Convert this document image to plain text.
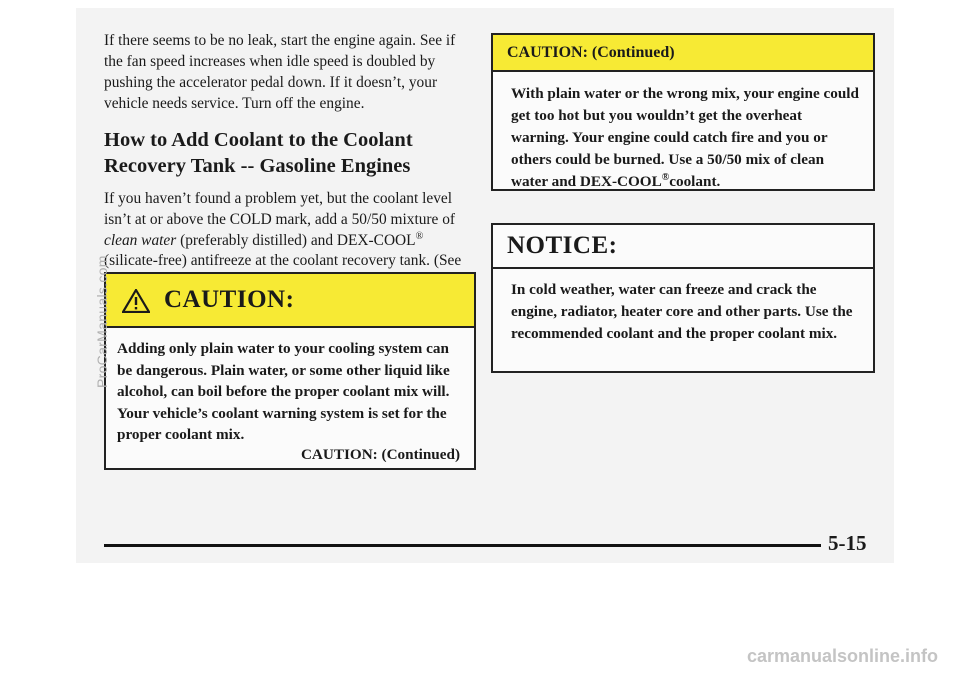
If there seems to be no leak, start the engine again. See if the fan speed increases when idle speed is doubled by pushing the accelerator pedal down. If it doesn’t, your vehicle needs service. Turn off the engine.

How to Add Coolant to the Coolant
Recovery Tank -- Gasoline Engines

If you haven’t found a problem yet, but the coolant level isn’t at or above the COLD mark, add a 50/50 mixture of clean water (preferably distilled) and DEX-COOL® (silicate-free) antifreeze at the coolant recovery tank. (See

CAUTION:
Adding only plain water to your cooling system can be dangerous. Plain water, or some other liquid like alcohol, can boil before the proper coolant mix will. Your vehicle’s coolant warning system is set for the proper coolant mix.
CAUTION: (Continued)
CAUTION: (Continued)
With plain water or the wrong mix, your engine could get too hot but you wouldn’t get the overheat warning. Your engine could catch fire and you or others could be burned. Use a 50/50 mix of clean water and DEX-COOL®coolant.
NOTICE:
In cold weather, water can freeze and crack the engine, radiator, heater core and other parts. Use the recommended coolant and the proper coolant mix.
5-15
ProCarManuals.com
carmanualsonline.info
